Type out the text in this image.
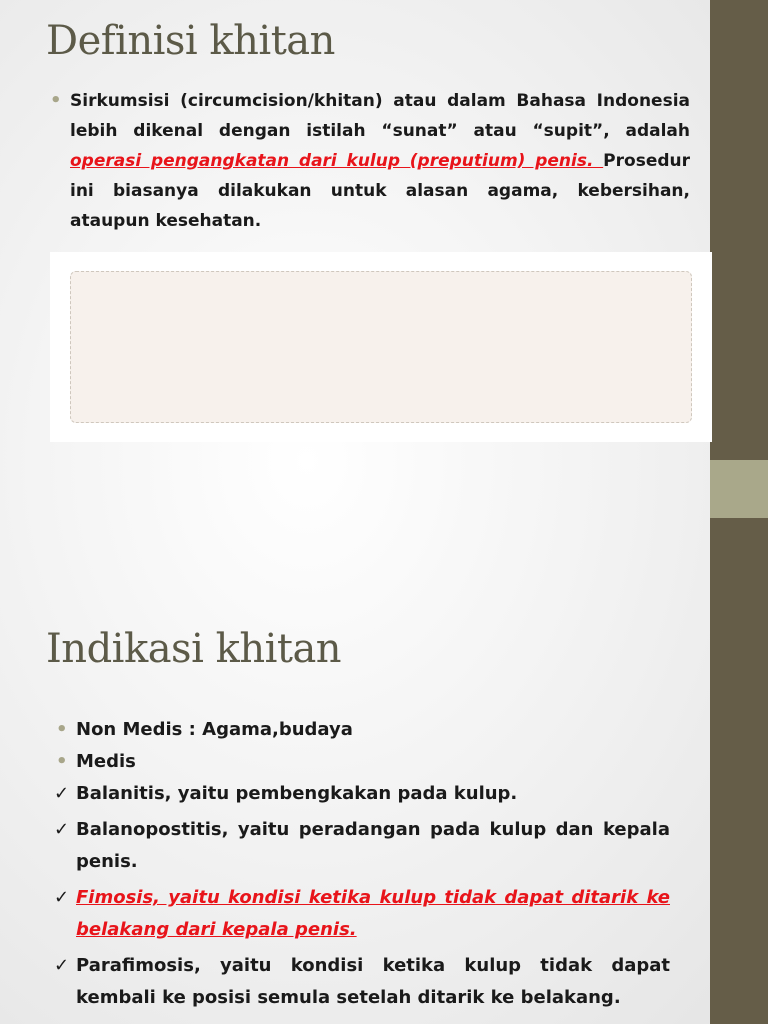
Definisi khitan
• Sirkumsisi (circumcision/khitan) atau dalam Bahasa Indonesia lebih dikenal dengan istilah “sunat” atau “supit”, adalah operasi pengangkatan dari kulup (preputium) penis. Prosedur ini biasanya dilakukan untuk alasan agama, kebersihan, ataupun kesehatan.

Indikasi khitan
• Non Medis : Agama,budaya
• Medis
✓ Balanitis, yaitu pembengkakan pada kulup.
✓ Balanopostitis, yaitu peradangan pada kulup dan kepala penis.
✓ Fimosis, yaitu kondisi ketika kulup tidak dapat ditarik ke belakang dari kepala penis.
✓ Parafimosis, yaitu kondisi ketika kulup tidak dapat kembali ke posisi semula setelah ditarik ke belakang.
